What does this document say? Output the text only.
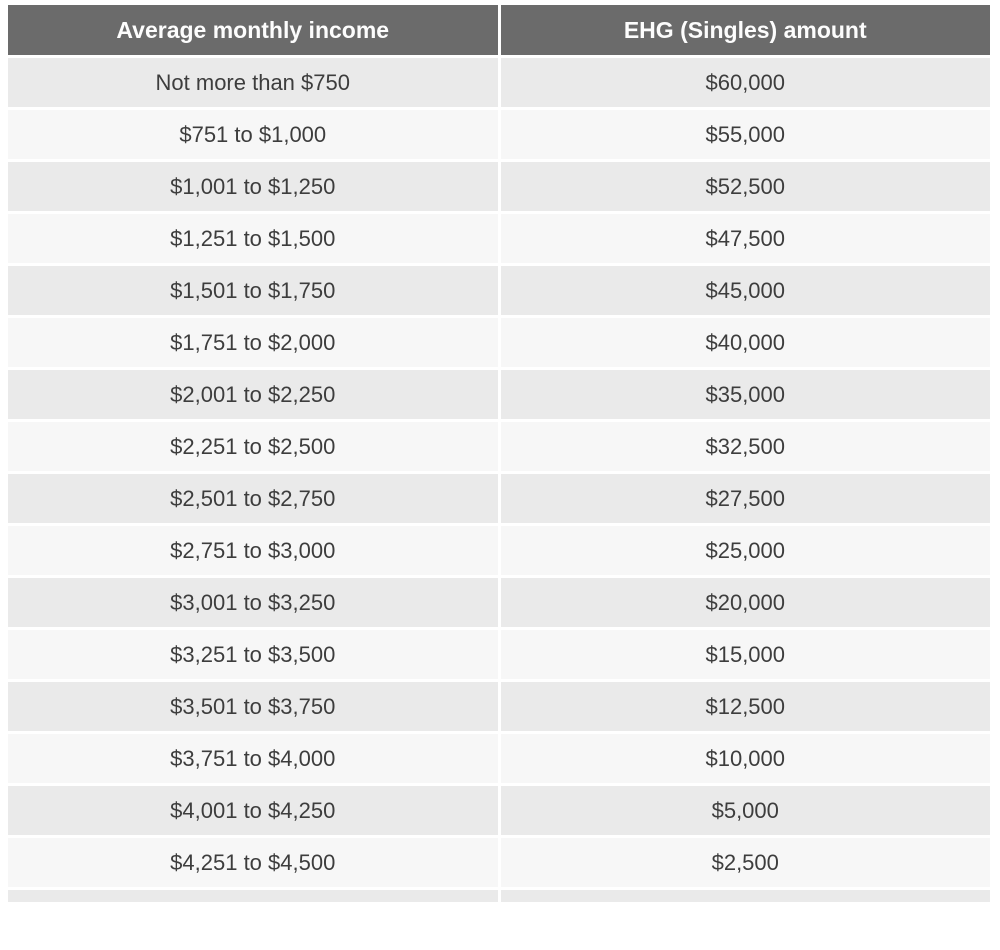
Average monthly income	EHG (Singles) amount
Not more than $750	$60,000
$751 to $1,000	$55,000
$1,001 to $1,250	$52,500
$1,251 to $1,500	$47,500
$1,501 to $1,750	$45,000
$1,751 to $2,000	$40,000
$2,001 to $2,250	$35,000
$2,251 to $2,500	$32,500
$2,501 to $2,750	$27,500
$2,751 to $3,000	$25,000
$3,001 to $3,250	$20,000
$3,251 to $3,500	$15,000
$3,501 to $3,750	$12,500
$3,751 to $4,000	$10,000
$4,001 to $4,250	$5,000
$4,251 to $4,500	$2,500
